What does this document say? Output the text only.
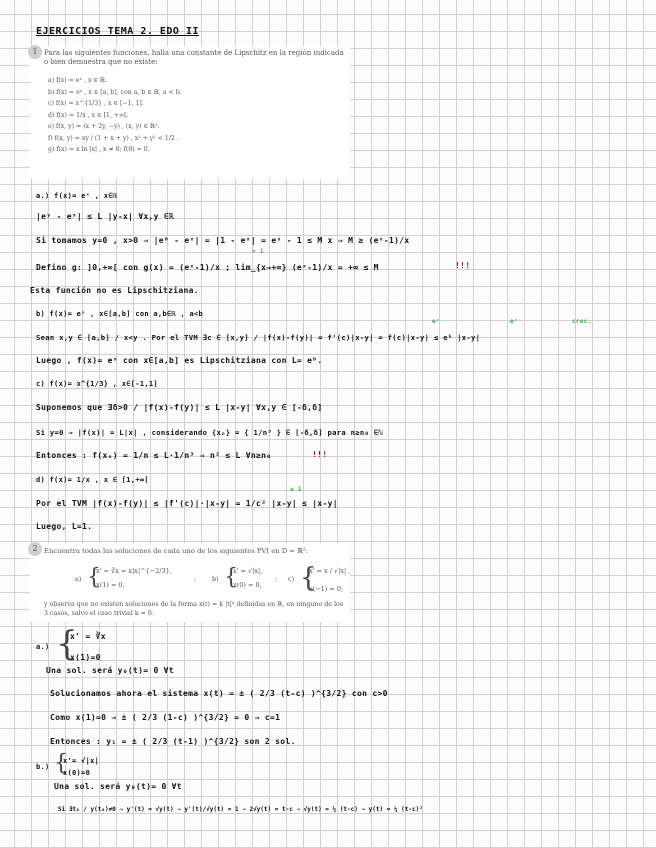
EJERCICIOS TEMA 2. EDO II
1 Para las siguientes funciones, halla una constante de Lipschitz en la región indicada o bien demuestra que no existe:
a) f(x) = eˣ , x ∈ ℝ.
b) f(x) = eˣ , x ∈ [a, b], con a, b ∈ ℝ, a < b.
c) f(x) = x^{1/3} , x ∈ [−1, 1].
d) f(x) = 1/x , x ∈ [1, +∞[.
e) f(x, y) = (x + 2y, −y) , (x, y) ∈ ℝ².
f) f(x, y) = xy / (1 + x + y) , x² + y² < 1/2 .
g) f(x) = x ln |x| , x ≠ 0; f(0) = 0.
a.) f(x)= eˣ , x∈ℝ
|eʸ - eˣ| ≤ L |y-x| ∀x,y ∈ℝ
Si tomamos y=0 , x>0 ⇒ |e⁰ - eˣ| = |1 - eˣ| = eˣ - 1 ≤ M x ⇒ M ≥ (eˣ-1)/x
> 1
Defino g: ]0,+∞[ con g(x) = (eˣ-1)/x ; lim_{x→+∞} (eˣ-1)/x = +∞ ≤ M	!!!
Esta función no es Lipschitziana.
b) f(x)= eˣ , x∈[a,b] con a,b∈ℝ , a<b
eᶜ	eᶜ	crec.
Sean x,y ∈ [a,b] / x<y . Por el TVM ∃c ∈ [x,y] / |f(x)-f(y)| = f'(c)|x-y| = f(c)|x-y| ≤ eᵇ |x-y|
Luego , f(x)= eˣ con x∈[a,b] es Lipschitziana con L= eᵇ.
c) f(x)= x^{1/3} , x∈[-1,1]
Suponemos que ∃δ>0 / |f(x)-f(y)| ≤ L |x-y| ∀x,y ∈ [-δ,δ]
Si y=0 ⇒ |f(x)| = L|x| , considerando {xₙ} = { 1/n³ } ∈ [-δ,δ] para n≥n₀ ∈ℕ
Entonces : f(xₙ) = 1/n ≤ L·1/n³ ⇒ n² ≤ L ∀n≥n₀	!!!
d) f(x)= 1/x , x ∈ [1,+∞[
≤ 1
Por el TVM |f(x)-f(y)| ≤ |f'(c)|·|x-y| = 1/c² |x-y| ≤ |x-y|
Luego, L=1.
2 Encuentra todas las soluciones de cada uno de los siguientes PVI en D = ℝ²:
a) {
x' = ∛x = x|x|^{−2/3},
x(1) = 0,
; b) {
x' = √|x|,
x(0) = 0,
; c) {
x' = x / √|x| ,
x(−1) = 0,
y observa que no existen soluciones de la forma x(t) = k |t|ᵅ definidas en ℝ, en ninguno de los 3 casos, salvo el caso trivial k = 0.
a.) {
x' = ∛x
x(1)=0
Una sol. será y₀(t)= 0 ∀t
Solucionamos ahora el sistema x(t) = ± ( 2/3 (t-c) )^{3/2} con c>0
Como x(1)=0 ⇒ ± ( 2/3 (1-c) )^{3/2} = 0 ⇒ c=1
Entonces : y₁ = ± ( 2/3 (t-1) )^{3/2} son 2 sol.
b.) {
x'= √|x|
x(0)=0
Una sol. será y₀(t)= 0 ∀t
Si ∃t₀ / y(t₀)≠0 ⇒ y'(t) = √y(t) ⇒ y'(t)/√y(t) = 1 ⇒ 2√y(t) = t-c ⇒ √y(t) = ½ (t-c) ⇒ y(t) = ¼ (t-c)²
